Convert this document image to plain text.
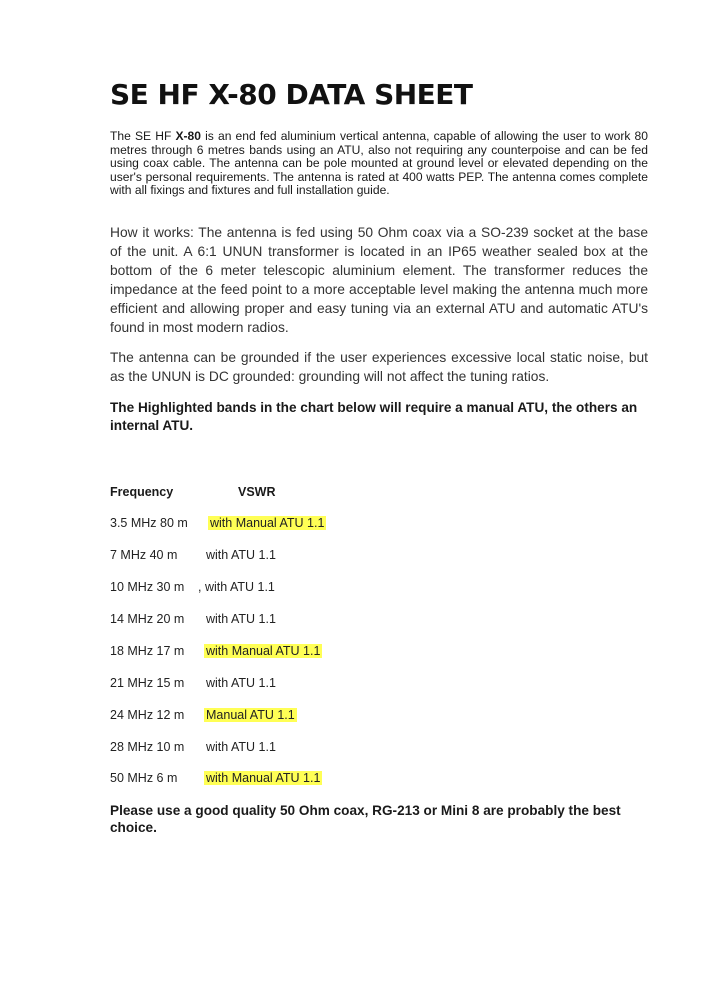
SE HF X-80 DATA SHEET

The SE HF X-80 is an end fed aluminium vertical antenna, capable of allowing the user to work 80 metres through 6 metres bands using an ATU, also not requiring any counterpoise and can be fed using coax cable. The antenna can be pole mounted at ground level or elevated depending on the user's personal requirements. The antenna is rated at 400 watts PEP. The antenna comes complete with all fixings and fixtures and full installation guide.

How it works: The antenna is fed using 50 Ohm coax via a SO-239 socket at the base of the unit. A 6:1 UNUN transformer is located in an IP65 weather sealed box at the bottom of the 6 meter telescopic aluminium element. The transformer reduces the impedance at the feed point to a more acceptable level making the antenna much more efficient and allowing proper and easy tuning via an external ATU and automatic ATU's found in most modern radios.

The antenna can be grounded if the user experiences excessive local static noise, but as the UNUN is DC grounded: grounding will not affect the tuning ratios.

The Highlighted bands in the chart below will require a manual ATU, the others an internal ATU.

Frequency	VSWR
3.5 MHz 80 m with Manual ATU 1.1
7 MHz 40 m with ATU 1.1
10 MHz 30 m , with ATU 1.1
14 MHz 20 m with ATU 1.1
18 MHz 17 m with Manual ATU 1.1
21 MHz 15 m with ATU 1.1
24 MHz 12 m Manual ATU 1.1
28 MHz 10 m with ATU 1.1
50 MHz 6 m with Manual ATU 1.1

Please use a good quality 50 Ohm coax, RG-213 or Mini 8 are probably the best choice.
